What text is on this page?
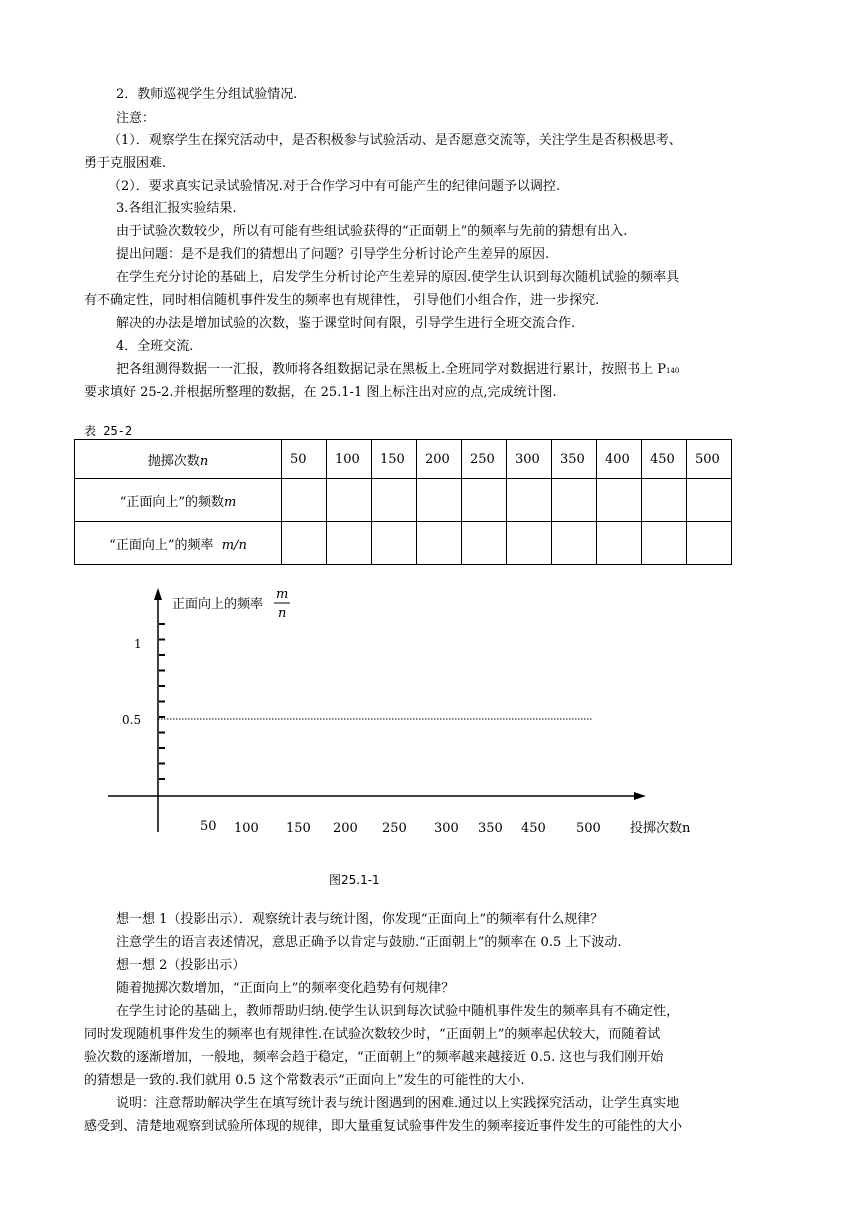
2．教师巡视学生分组试验情况.
注意：
（1）．观察学生在探究活动中，是否积极参与试验活动、是否愿意交流等，关注学生是否积极思考、
勇于克服困难.
（2）．要求真实记录试验情况.对于合作学习中有可能产生的纪律问题予以调控.
3.各组汇报实验结果.
由于试验次数较少，所以有可能有些组试验获得的“正面朝上”的频率与先前的猜想有出入.
提出问题：是不是我们的猜想出了问题？引导学生分析讨论产生差异的原因.
在学生充分讨论的基础上，启发学生分析讨论产生差异的原因.使学生认识到每次随机试验的频率具
有不确定性，同时相信随机事件发生的频率也有规律性， 引导他们小组合作，进一步探究.
解决的办法是增加试验的次数，鉴于课堂时间有限，引导学生进行全班交流合作.
4．全班交流.
把各组测得数据一一汇报，教师将各组数据记录在黑板上.全班同学对数据进行累计，按照书上 P140
要求填好 25-2.并根据所整理的数据，在 25.1-1 图上标注出对应的点,完成统计图.
表 25-2
抛掷次数n	50	100	150	200	250	300	350	400	450	500
“正面向上”的频数m										
“正面向上”的频率 m/n										
正面向上的频率
m
n
1
0.5
50 100 150 200 250 300 350 450 500 投掷次数n
图25.1-1
想一想 1（投影出示）．观察统计表与统计图，你发现“正面向上”的频率有什么规律？
注意学生的语言表述情况，意思正确予以肯定与鼓励.“正面朝上”的频率在 0.5 上下波动.
想一想 2（投影出示）
随着抛掷次数增加，“正面向上”的频率变化趋势有何规律？
在学生讨论的基础上，教师帮助归纳.使学生认识到每次试验中随机事件发生的频率具有不确定性，
同时发现随机事件发生的频率也有规律性.在试验次数较少时，“正面朝上”的频率起伏较大，而随着试
验次数的逐渐增加，一般地，频率会趋于稳定，“正面朝上”的频率越来越接近 0.5. 这也与我们刚开始
的猜想是一致的.我们就用 0.5 这个常数表示“正面向上”发生的可能性的大小.
说明：注意帮助解决学生在填写统计表与统计图遇到的困难.通过以上实践探究活动，让学生真实地
感受到、清楚地观察到试验所体现的规律，即大量重复试验事件发生的频率接近事件发生的可能性的大小
